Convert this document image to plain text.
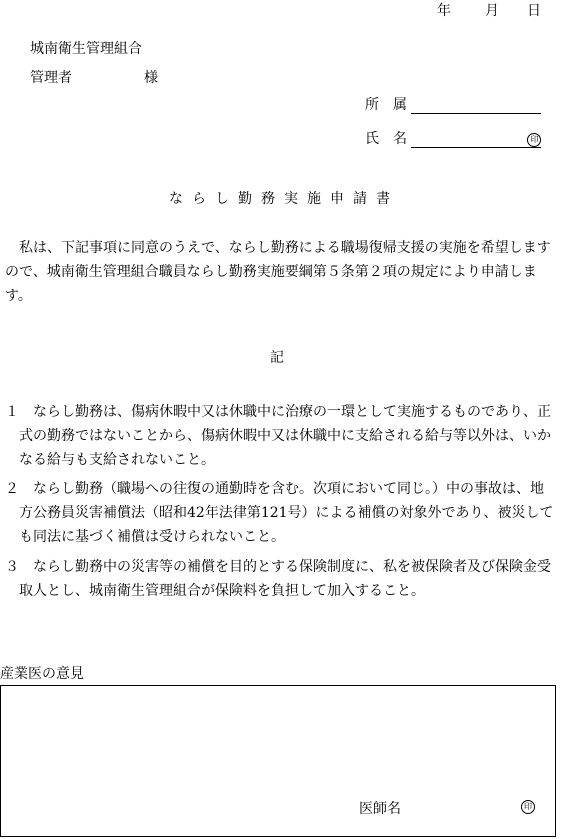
年 月 日
城南衛生管理組合
管理者	様
所　属
氏　名	印
ならし勤務実施申請書
　私は、下記事項に同意のうえで、ならし勤務による職場復帰支援の実施を希望します
ので、城南衛生管理組合職員ならし勤務実施要綱第５条第２項の規定により申請しま
す。
記
１　ならし勤務は、傷病休暇中又は休職中に治療の一環として実施するものであり、正
　式の勤務ではないことから、傷病休暇中又は休職中に支給される給与等以外は、いか
　なる給与も支給されないこと。
２　ならし勤務（職場への往復の通勤時を含む。次項において同じ。）中の事故は、地
　方公務員災害補償法（昭和42年法律第121号）による補償の対象外であり、被災して
　も同法に基づく補償は受けられないこと。
３　ならし勤務中の災害等の補償を目的とする保険制度に、私を被保険者及び保険金受
　取人とし、城南衛生管理組合が保険料を負担して加入すること。
産業医の意見
医師名	印
